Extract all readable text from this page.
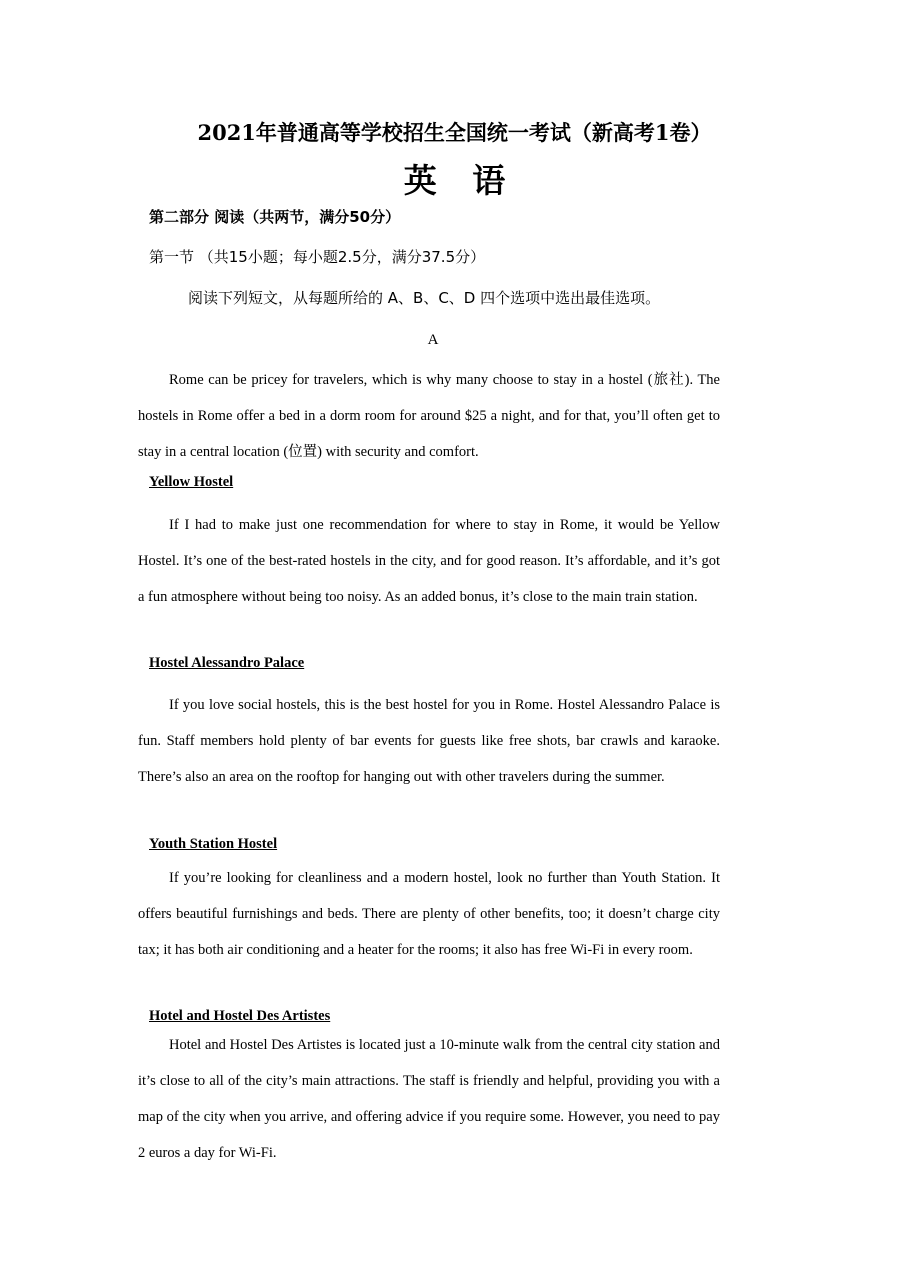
2021年普通高等学校招生全国统一考试（新高考1卷）
英 语
第二部分 阅读（共两节，满分50分）
第一节 （共15小题；每小题2.5分，满分37.5分）
阅读下列短文，从每题所给的 A、B、C、D 四个选项中选出最佳选项。
A

Rome can be pricey for travelers, which is why many choose to stay in a hostel (旅社). The hostels in Rome offer a bed in a dorm room for around $25 a night, and for that, you’ll often get to stay in a central location (位置) with security and comfort.

Yellow Hostel

If I had to make just one recommendation for where to stay in Rome, it would be Yellow Hostel. It’s one of the best-rated hostels in the city, and for good reason. It’s affordable, and it’s got a fun atmosphere without being too noisy. As an added bonus, it’s close to the main train station.

Hostel Alessandro Palace

If you love social hostels, this is the best hostel for you in Rome. Hostel Alessandro Palace is fun. Staff members hold plenty of bar events for guests like free shots, bar crawls and karaoke. There’s also an area on the rooftop for hanging out with other travelers during the summer.

Youth Station Hostel

If you’re looking for cleanliness and a modern hostel, look no further than Youth Station. It offers beautiful furnishings and beds. There are plenty of other benefits, too; it doesn’t charge city tax; it has both air conditioning and a heater for the rooms; it also has free Wi-Fi in every room.

Hotel and Hostel Des Artistes

Hotel and Hostel Des Artistes is located just a 10-minute walk from the central city station and it’s close to all of the city’s main attractions. The staff is friendly and helpful, providing you with a map of the city when you arrive, and offering advice if you require some. However, you need to pay 2 euros a day for Wi-Fi.
